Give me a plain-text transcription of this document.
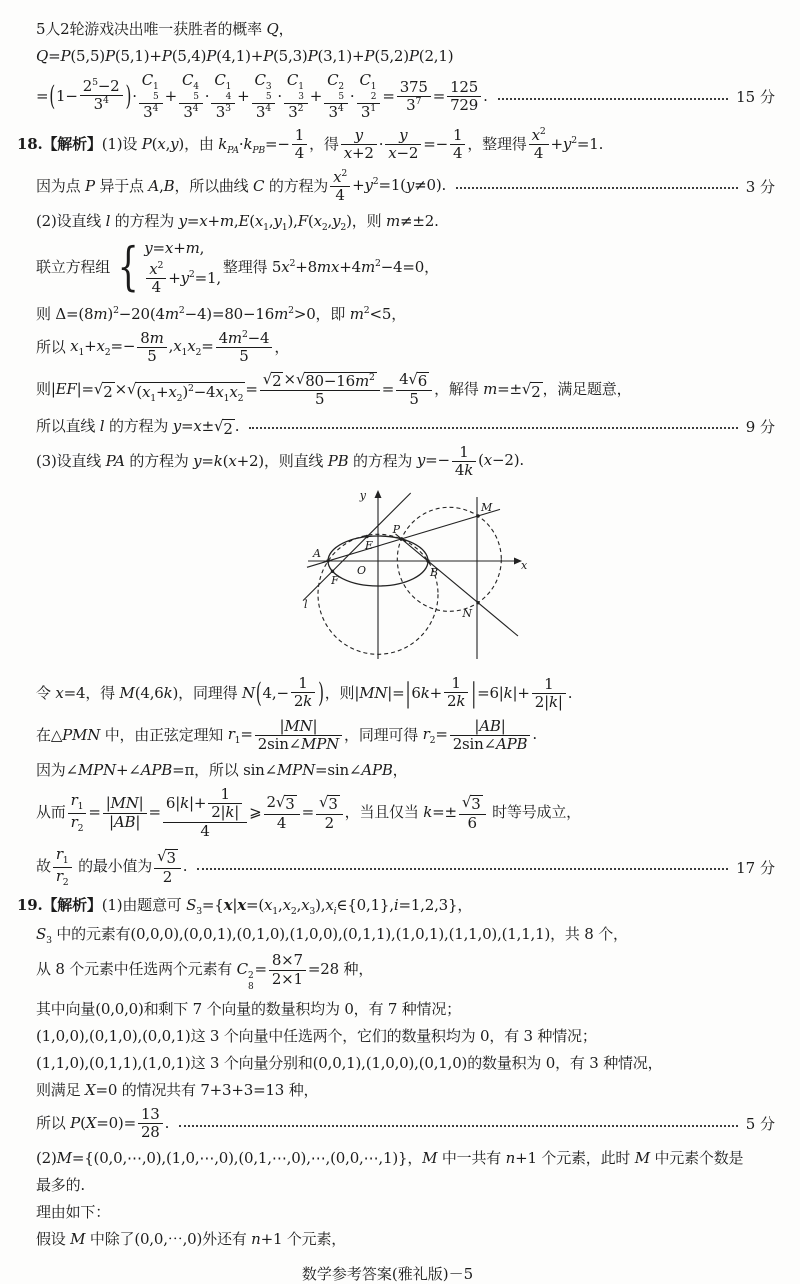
5人2轮游戏决出唯一获胜者的概率 Q，
Q=P(5,5)P(5,1)+P(5,4)P(4,1)+P(5,3)P(3,1)+P(5,2)P(2,1)
= ( $1- \frac{2^5-2}{3^4}$ ) · C 1
5
$3^4 + C$ 4
5
$3^4 \cdot C$ 1
4
$3^3 + C$ 3
5
$3^4 \cdot C$ 1
3
$3^2 + C$ 2
5
$3^4 \cdot C$ 1
2
$3^1 = \frac{375}{3^7} = \frac{125}{729}$ .	15 分
18.【解析】(1)设 P(x,y)，由 $k_{PA}\cdot k_{PB}=- \frac{1}{4}$ ，得 $\frac{y}{x+2} \cdot \frac{y}{x-2} =- \frac{1}{4}$ ，整理得 $\frac{x^2}{4} +y^2=1$.
因为点 P 异于点 A,B，所以曲线 C 的方程为 $\frac{x^2}{4} +y^2=1(y\ne 0)$.	3 分
(2)设直线 l 的方程为 $y=x+m,E(x_1,y_1),F(x_2,y_2)$，则 m≠±2.
联立方程组 { y=x+m,
$\frac{x^2}{4} +y^2=1$,
整理得 $5x^2+8mx+4m^2-4=0$，
则 $\Delta=(8m)^2-20(4m^2-4)=80-16m^2>0$，即 $m^2<5$，
所以 $x_1+x_2=- \frac{8m}{5} ,x_1x_2= \frac{4m^2-4}{5}$ ，
则|EF|= √ 2 × √ $(x_1+x_2)^2-4x_1x_2$
= $\frac{√ 2 \times √ 80-16m^2}{5} = \frac{4 √ 6}{5}$ ，解得 m=± √ 2 ，满足题意，
所以直线 l 的方程为 y=x± √ 2 .	9 分
(3)设直线 PA 的方程为 y=k(x+2)，则直线 PB 的方程为 $y=- \frac{1}{4k} (x-2)$.
y
x
O
A
B
E
F
P
M
N
l
令 x=4，得 M(4,6k)，同理得 N ( $4,- \frac{1}{2k}$ ) ，则|MN|= | $6k+ \frac{1}{2k}$ | $=6|k|+ \frac{1}{2|k|}$ .
在△PMN 中，由正弦定理知 $r_1= \frac{|MN|}{\text{2sin∠MPN}}$ ，同理可得 $r_2= \frac{|AB|}{\text{2sin∠APB}}$ .
因为∠MPN+∠APB=π，所以 sin∠MPN=sin∠APB，
从而 $\frac{r_1}{r_2} = \frac{|MN|}{|AB|} = \frac{6|k|+ \frac{1}{2|k|}}{4}$ ⩾ $\frac{2 √ 3}{4} = \frac{√ 3}{2}$ ，当且仅当 $k=\pm \frac{√ 3}{6}$ 时等号成立，
故 $\frac{r_1}{r_2}$ 的最小值为 $\frac{√ 3}{2}$ .	17 分
19.【解析】(1)由题意可 $S_3=\{x|x=(x_1,x_2,x_3),x_i\in\{0,1\},i=1,2,3\}$，
$S_3$ 中的元素有(0,0,0),(0,0,1),(0,1,0),(1,0,0),(0,1,1),(1,0,1),(1,1,0),(1,1,1)，共 8 个，
从 8 个元素中任选两个元素有 C 2
8
= $\frac{8\times 7}{2\times 1} =28$ 种，
其中向量(0,0,0)和剩下 7 个向量的数量积均为 0，有 7 种情况；
(1,0,0),(0,1,0),(0,0,1)这 3 个向量中任选两个，它们的数量积均为 0，有 3 种情况；
(1,1,0),(0,1,1),(1,0,1)这 3 个向量分别和(0,0,1),(1,0,0),(0,1,0)的数量积为 0，有 3 种情况，
则满足 X=0 的情况共有 7+3+3=13 种，
所以 $P(X=0)= \frac{13}{28}$ .	5 分
(2)M={(0,0,⋯,0),(1,0,⋯,0),(0,1,⋯,0),⋯,(0,0,⋯,1)}，M 中一共有 n+1 个元素，此时 M 中元素个数是
最多的.
理由如下：
假设 M 中除了(0,0,⋯,0)外还有 n+1 个元素，
数学参考答案(雅礼版)－5
